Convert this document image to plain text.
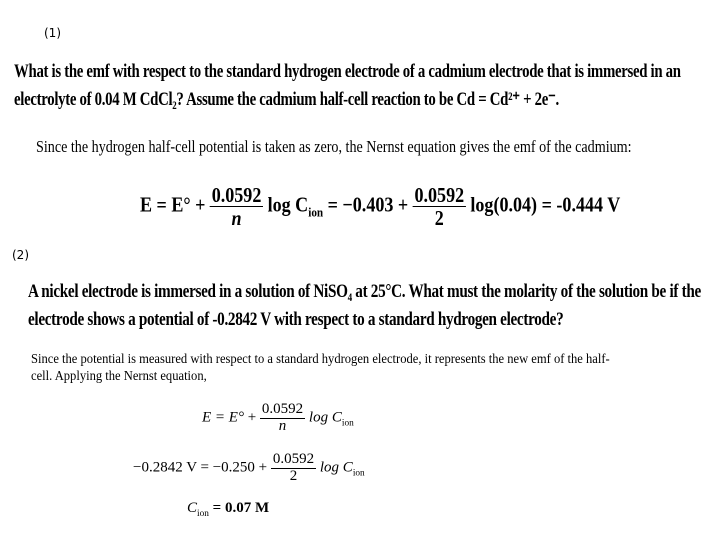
(1)
What is the emf with respect to the standard hydrogen electrode of a cadmium electrode that is immersed in an
electrolyte of 0.04 M CdCl₂? Assume the cadmium half-cell reaction to be Cd = Cd²⁺ + 2e⁻.
Since the hydrogen half-cell potential is taken as zero, the Nernst equation gives the emf of the cadmium:
$E = E^\circ + \frac{0.0592}{n}$ $\log C_{ion} = -0.403 + \frac{0.0592}{2} \log(0.04) = -0.444$ V
(2)
A nickel electrode is immersed in a solution of NiSO₄ at 25°C. What must the molarity of the solution be if the
electrode shows a potential of -0.2842 V with respect to a standard hydrogen electrode?
Since the potential is measured with respect to a standard hydrogen electrode, it represents the new emf of the half-
cell. Applying the Nernst equation,
$E = E^\circ + \frac{0.0592}{n}$ $\log C_{ion}$
−0.2842 $V = -0.250 + \frac{0.0592}{2}$ $\log C_{ion}$
$C_{ion} = 0.07$ M
